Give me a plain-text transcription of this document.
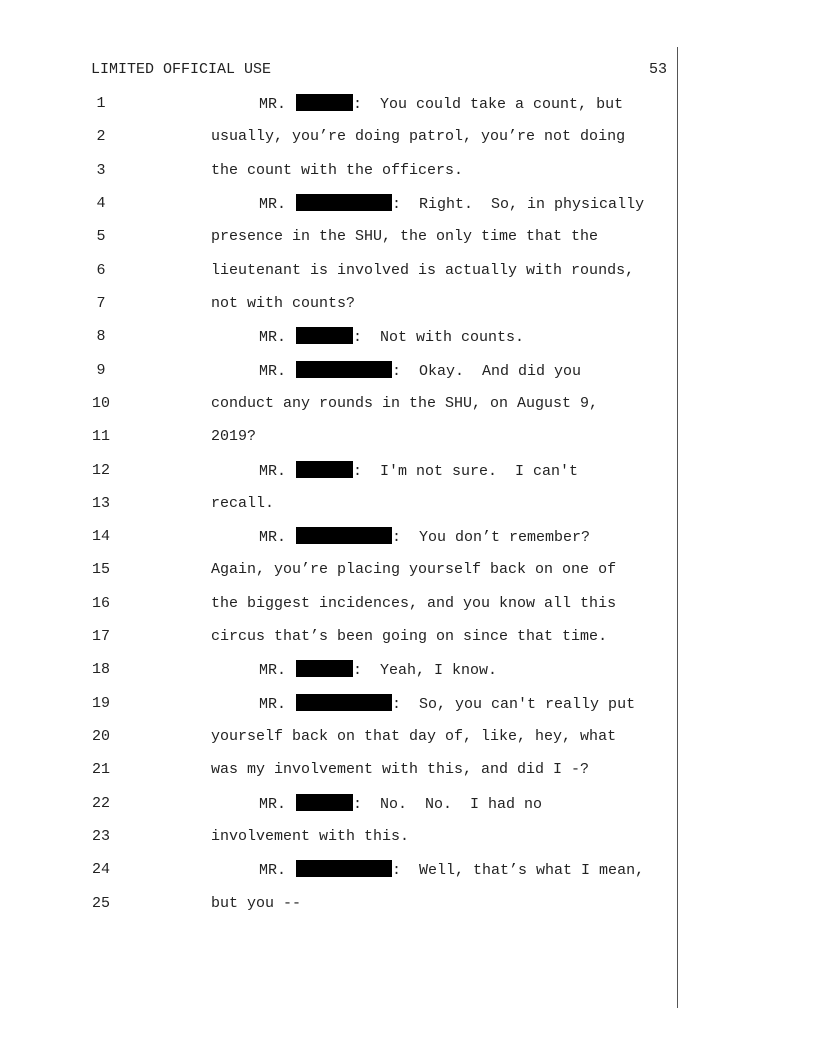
LIMITED OFFICIAL USE	53
1	MR.	:  You could take a count, but
2	usually, you’re doing patrol, you’re not doing
3	the count with the officers.
4	MR.	:  Right.  So, in physically
5	presence in the SHU, the only time that the
6	lieutenant is involved is actually with rounds,
7	not with counts?
8	MR.	:  Not with counts.
9	MR.	:  Okay.  And did you
10	conduct any rounds in the SHU, on August 9,
11	2019?
12	MR.	:  I'm not sure.  I can't
13	recall.
14	MR.	:  You don’t remember?
15	Again, you’re placing yourself back on one of
16	the biggest incidences, and you know all this
17	circus that’s been going on since that time.
18	MR.	:  Yeah, I know.
19	MR.	:  So, you can't really put
20	yourself back on that day of, like, hey, what
21	was my involvement with this, and did I -?
22	MR.	:  No.  No.  I had no
23	involvement with this.
24	MR.	:  Well, that’s what I mean,
25	but you --
